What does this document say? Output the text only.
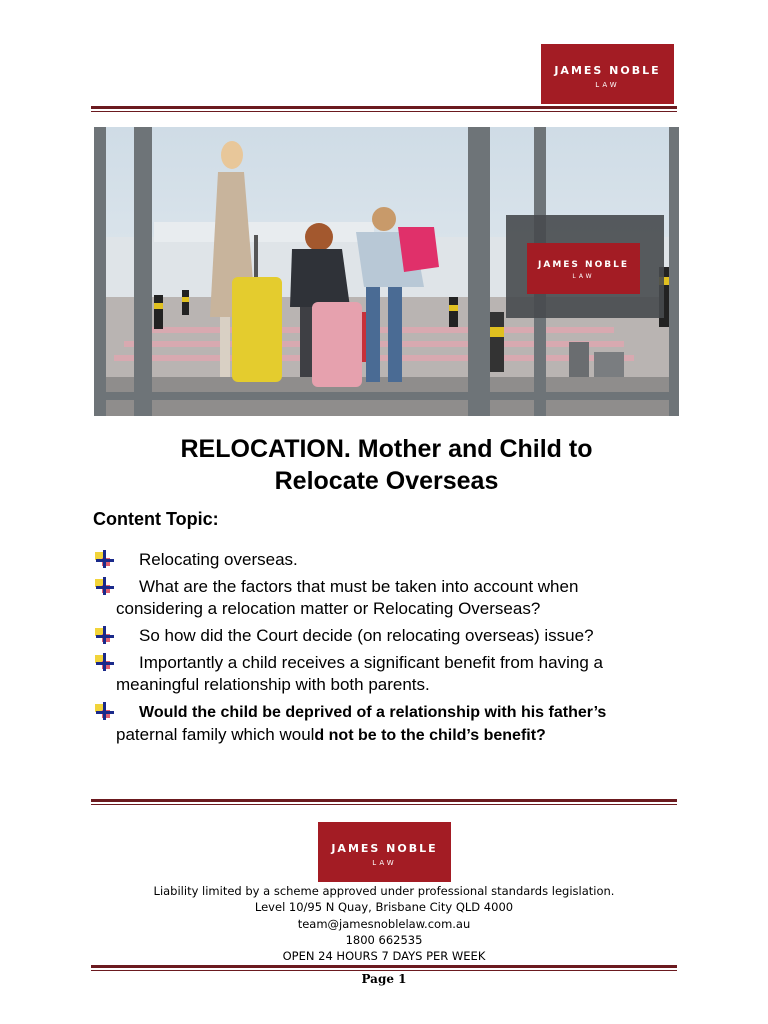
JAMES NOBLE
LAW
JAMES NOBLE
LAW
RELOCATION. Mother and Child to
Relocate Overseas
Content Topic:
Relocating overseas.
What are the factors that must be taken into account when
considering a relocation matter or Relocating Overseas?
So how did the Court decide (on relocating overseas) issue?
Importantly a child receives a significant benefit from having a
meaningful relationship with both parents.
Would the child be deprived of a relationship with his father’s
paternal family which would not be to the child’s benefit?
JAMES NOBLE
LAW
Liability limited by a scheme approved under professional standards legislation.
Level 10/95 N Quay, Brisbane City QLD 4000
team@jamesnoblelaw.com.au
1800 662535
OPEN 24 HOURS 7 DAYS PER WEEK
Page 1
